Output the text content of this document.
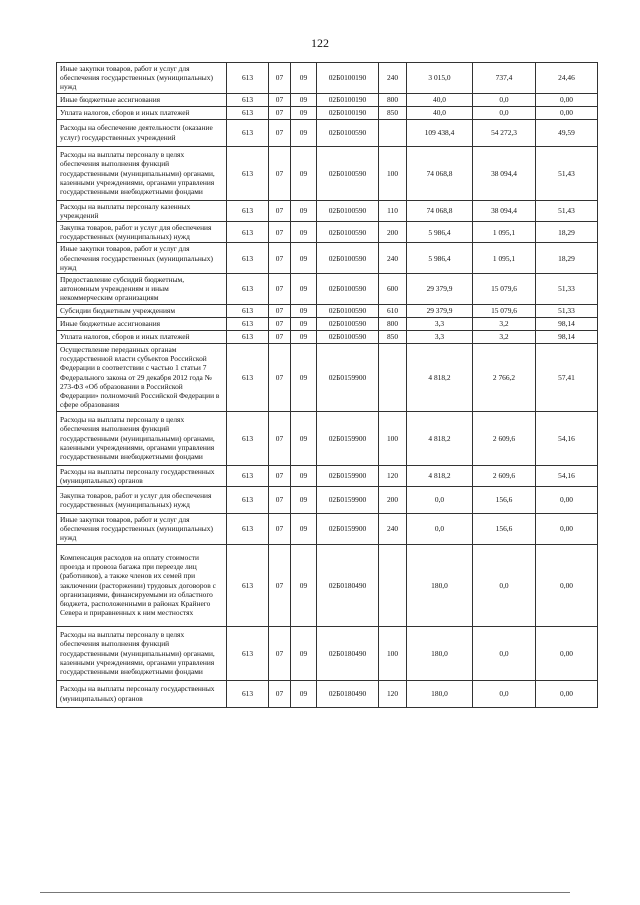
122
Иные закупки товаров, работ и услуг для обеспечения государственных (муниципальных) нужд	613	07	09	02Б0100190	240	3 015,0	737,4	24,46
Иные бюджетные ассигнования	613	07	09	02Б0100190	800	40,0	0,0	0,00
Уплата налогов, сборов и иных платежей	613	07	09	02Б0100190	850	40,0	0,0	0,00
Расходы на обеспечение деятельности (оказание услуг) государственных учреждений	613	07	09	02Б0100590		109 438,4	54 272,3	49,59
Расходы на выплаты персоналу в целях обеспечения выполнения функций государственными (муниципальными) органами, казенными учреждениями, органами управления государственными внебюджетными фондами	613	07	09	02Б0100590	100	74 068,8	38 094,4	51,43
Расходы на выплаты персоналу казенных учреждений	613	07	09	02Б0100590	110	74 068,8	38 094,4	51,43
Закупка товаров, работ и услуг для обеспечения государственных (муниципальных) нужд	613	07	09	02Б0100590	200	5 986,4	1 095,1	18,29
Иные закупки товаров, работ и услуг для обеспечения государственных (муниципальных) нужд	613	07	09	02Б0100590	240	5 986,4	1 095,1	18,29
Предоставление субсидий бюджетным, автономным учреждениям и иным некоммерческим организациям	613	07	09	02Б0100590	600	29 379,9	15 079,6	51,33
Субсидии бюджетным учреждениям	613	07	09	02Б0100590	610	29 379,9	15 079,6	51,33
Иные бюджетные ассигнования	613	07	09	02Б0100590	800	3,3	3,2	98,14
Уплата налогов, сборов и иных платежей	613	07	09	02Б0100590	850	3,3	3,2	98,14
Осуществление переданных органам государственной власти субъектов Российской Федерации в соответствии с частью 1 статьи 7 Федерального закона от 29 декабря 2012 года № 273-ФЗ «Об образовании в Российской Федерации» полномочий Российской Федерации в сфере образования	613	07	09	02Б0159900		4 818,2	2 766,2	57,41
Расходы на выплаты персоналу в целях обеспечения выполнения функций государственными (муниципальными) органами, казенными учреждениями, органами управления государственными внебюджетными фондами	613	07	09	02Б0159900	100	4 818,2	2 609,6	54,16
Расходы на выплаты персоналу государственных (муниципальных) органов	613	07	09	02Б0159900	120	4 818,2	2 609,6	54,16
Закупка товаров, работ и услуг для обеспечения государственных (муниципальных) нужд	613	07	09	02Б0159900	200	0,0	156,6	0,00
Иные закупки товаров, работ и услуг для обеспечения государственных (муниципальных) нужд	613	07	09	02Б0159900	240	0,0	156,6	0,00
Компенсация расходов на оплату стоимости проезда и провоза багажа при переезде лиц (работников), а также членов их семей при заключении (расторжении) трудовых договоров с организациями, финансируемыми из областного бюджета, расположенными в районах Крайнего Севера и приравненных к ним местностях	613	07	09	02Б0180490		180,0	0,0	0,00
Расходы на выплаты персоналу в целях обеспечения выполнения функций государственными (муниципальными) органами, казенными учреждениями, органами управления государственными внебюджетными фондами	613	07	09	02Б0180490	100	180,0	0,0	0,00
Расходы на выплаты персоналу государственных (муниципальных) органов	613	07	09	02Б0180490	120	180,0	0,0	0,00
